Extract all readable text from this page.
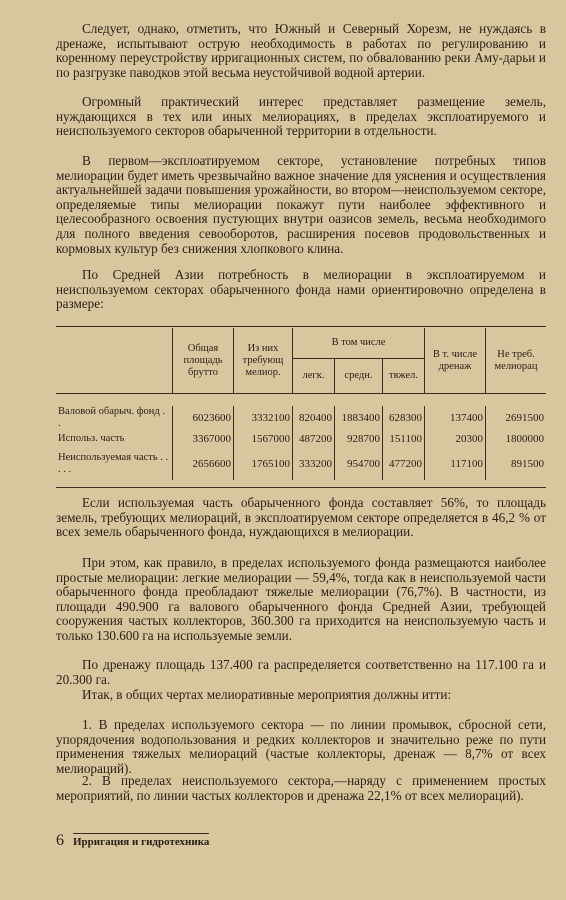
Следует, однако, отметить, что Южный и Северный Хорезм, не нуждаясь в дренаже, испытывают острую необходимость в работах по регулированию и коренному переустройству ирригационных систем, по обвалованию реки Аму-дарьи и по разгрузке паводков этой весьма неустойчивой водной артерии.

Огромный практический интерес представляет размещение земель, нуждающихся в тех или иных мелиорациях, в пределах эксплоатируемого и неиспользуемого секторов обарыченной территории в отдельности.

В первом—эксплоатируемом секторе, установление потребных типов мелиорации будет иметь чрезвычайно важное значение для уяснения и осуществления актуальнейшей задачи повышения урожайности, во втором—неиспользуемом секторе, определяемые типы мелиорации покажут пути наиболее эффективного и целесообразного освоения пустующих внутри оазисов земель, весьма необходимого для полного введения севооборотов, расширения посевов продовольственных и кормовых культур без снижения хлопкового клина.

По Средней Азии потребность в мелиорации в эксплоатируемом и неиспользуемом секторах обарыченного фонда нами ориентировочно определена в размере:

	Общая площадь брутто	Из них требующ мелиор.	В том числе			В т. числе дренаж	Не треб. мелиорац
			легк.	средн.	тяжел.		

Валовой обарыч. фонд . .	6023600	3332100	820400	1883400	628300	137400	2691500
Использ. часть	3367000	1567000	487200	928700	151100	20300	1800000
Неиспользуемая часть . . . . .	2656600	1765100	333200	954700	477200	117100	891500

Если используемая часть обарыченного фонда составляет 56%, то площадь земель, требующих мелиораций, в эксплоатируемом секторе определяется в 46,2 % от всех земель обарыченного фонда, нуждающихся в мелиорации.

При этом, как правило, в пределах используемого фонда размещаются наиболее простые мелиорации: легкие мелиорации — 59,4%, тогда как в неиспользуемой части обарыченного фонда преобладают тяжелые мелиорации (76,7%). В частности, из площади 490.900 га валового обарыченного фонда Средней Азии, требующей сооружения частых коллекторов, 360.300 га приходится на неиспользуемую часть и только 130.600 га на используемые земли.

По дренажу площадь 137.400 га распределяется соответственно на 117.100 га и 20.300 га.

Итак, в общих чертах мелиоративные мероприятия должны итти:

1. В пределах используемого сектора — по линии промывок, сбросной сети, упорядочения водопользования и редких коллекторов и значительно реже по пути применения тяжелых мелиораций (частые коллекторы, дренаж — 8,7% от всех мелиораций).

2. В пределах неиспользуемого сектора,—наряду с применением простых мероприятий, по линии частых коллекторов и дренажа 22,1% от всех мелиораций).

6 Ирригация и гидротехника
